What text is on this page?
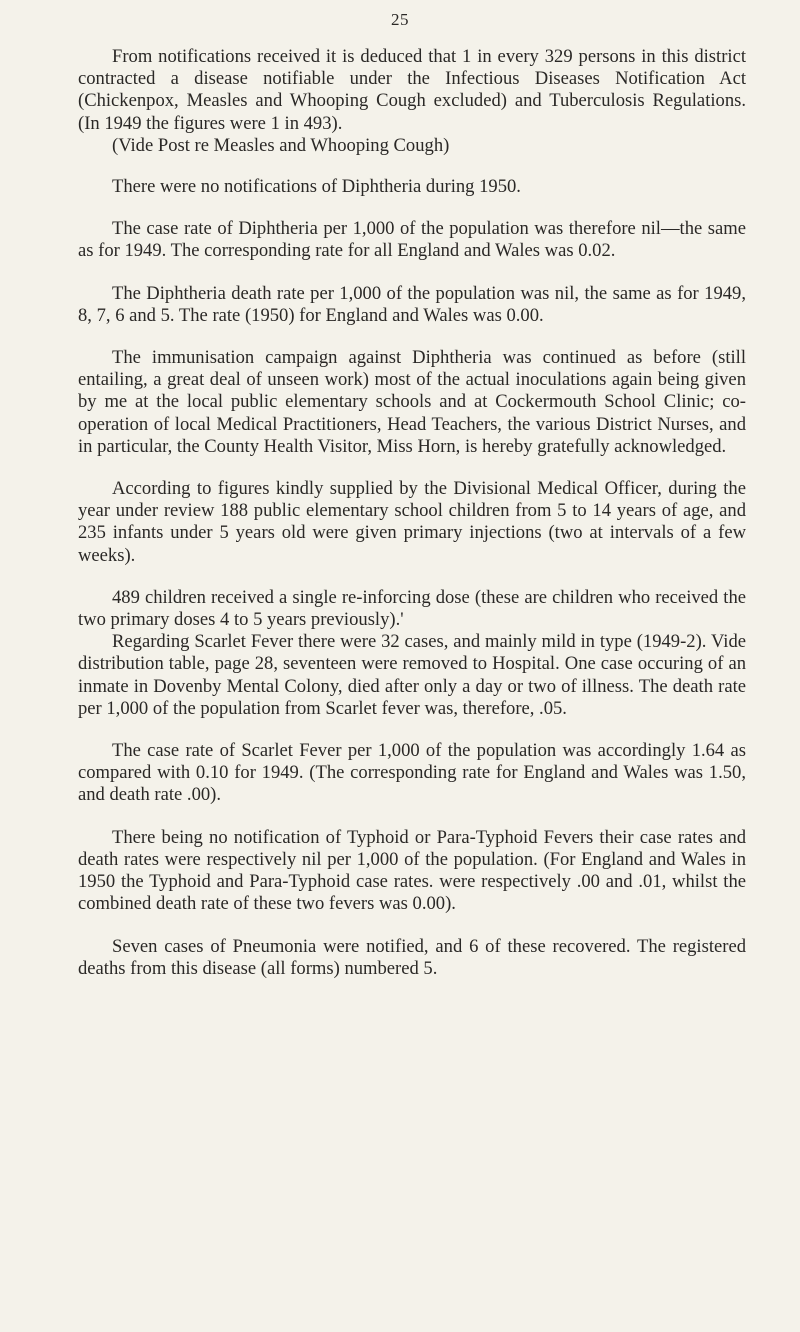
25

From notifications received it is deduced that 1 in every 329 persons in this district contracted a disease notifiable under the Infectious Diseases Notification Act (Chickenpox, Measles and Whooping Cough excluded) and Tuberculosis Regulations. (In 1949 the figures were 1 in 493).
(Vide Post re Measles and Whooping Cough)

There were no notifications of Diphtheria during 1950.

The case rate of Diphtheria per 1,000 of the population was therefore nil—the same as for 1949. The corresponding rate for all England and Wales was 0.02.

The Diphtheria death rate per 1,000 of the population was nil, the same as for 1949, 8, 7, 6 and 5. The rate (1950) for England and Wales was 0.00.

The immunisation campaign against Diphtheria was continued as before (still entailing, a great deal of unseen work) most of the actual inoculations again being given by me at the local public elementary schools and at Cockermouth School Clinic; co-operation of local Medical Practitioners, Head Teachers, the various District Nurses, and in particular, the County Health Visitor, Miss Horn, is hereby gratefully acknowledged.

According to figures kindly supplied by the Divisional Medical Officer, during the year under review 188 public elementary school children from 5 to 14 years of age, and 235 infants under 5 years old were given primary injections (two at intervals of a few weeks).

489 children received a single re-inforcing dose (these are children who received the two primary doses 4 to 5 years previously).'
Regarding Scarlet Fever there were 32 cases, and mainly mild in type (1949-2). Vide distribution table, page 28, seventeen were removed to Hospital. One case occuring of an inmate in Dovenby Mental Colony, died after only a day or two of illness. The death rate per 1,000 of the population from Scarlet fever was, therefore, .05.

The case rate of Scarlet Fever per 1,000 of the population was accordingly 1.64 as compared with 0.10 for 1949. (The corresponding rate for England and Wales was 1.50, and death rate .00).

There being no notification of Typhoid or Para-Typhoid Fevers their case rates and death rates were respectively nil per 1,000 of the population. (For England and Wales in 1950 the Typhoid and Para-Typhoid case rates. were respectively .00 and .01, whilst the combined death rate of these two fevers was 0.00).

Seven cases of Pneumonia were notified, and 6 of these recovered. The registered deaths from this disease (all forms) numbered 5.
